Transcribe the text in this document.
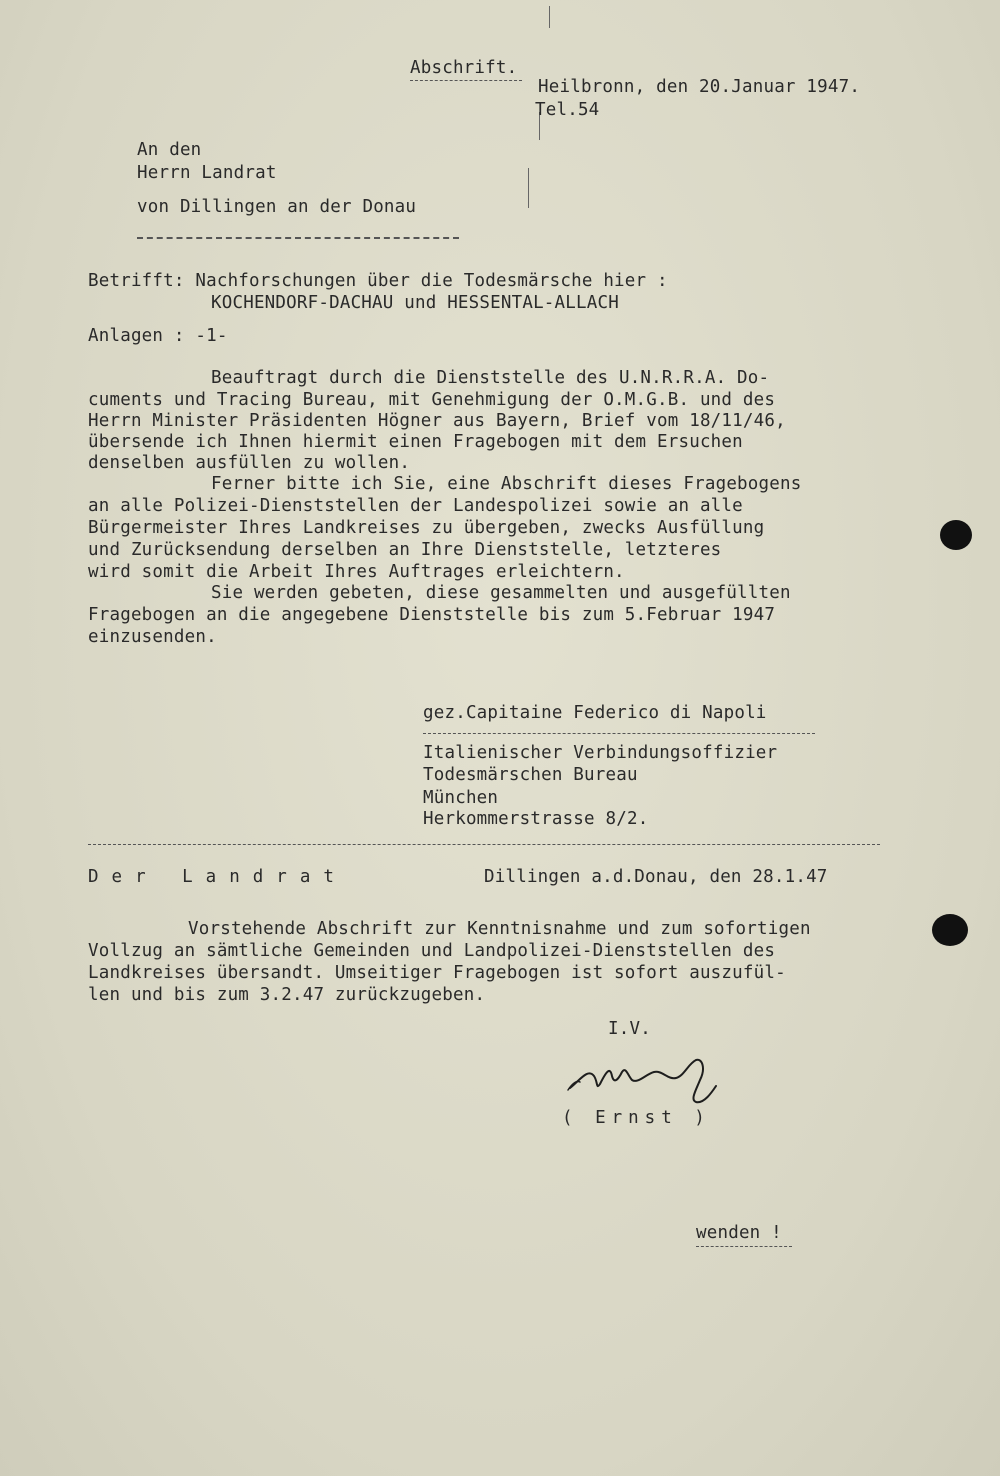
Abschrift.
Heilbronn, den 20.Januar 1947.
Tel.54
An den
Herrn Landrat
von Dillingen an der Donau
Betrifft: Nachforschungen über die Todesmärsche hier :
KOCHENDORF-DACHAU und HESSENTAL-ALLACH
Anlagen : -1-
Beauftragt durch die Dienststelle des U.N.R.R.A. Do-
cuments und Tracing Bureau, mit Genehmigung der O.M.G.B. und des
Herrn Minister Präsidenten Högner aus Bayern, Brief vom 18/11/46,
übersende ich Ihnen hiermit einen Fragebogen mit dem Ersuchen
denselben ausfüllen zu wollen.
Ferner bitte ich Sie, eine Abschrift dieses Fragebogens
an alle Polizei-Dienststellen der Landespolizei sowie an alle
Bürgermeister Ihres Landkreises zu übergeben, zwecks Ausfüllung
und Zurücksendung derselben an Ihre Dienststelle, letzteres
wird somit die Arbeit Ihres Auftrages erleichtern.
Sie werden gebeten, diese gesammelten und ausgefüllten
Fragebogen an die angegebene Dienststelle bis zum 5.Februar 1947
einzusenden.
gez.Capitaine Federico di Napoli
Italienischer Verbindungsoffizier
Todesmärschen Bureau
München
Herkommerstrasse 8/2.
Der Landrat	Dillingen a.d.Donau, den 28.1.47
Vorstehende Abschrift zur Kenntnisnahme und zum sofortigen
Vollzug an sämtliche Gemeinden und Landpolizei-Dienststellen des
Landkreises übersandt. Umseitiger Fragebogen ist sofort auszufül-
len und bis zum 3.2.47 zurückzugeben.
I.V.
( Ernst )
wenden !
